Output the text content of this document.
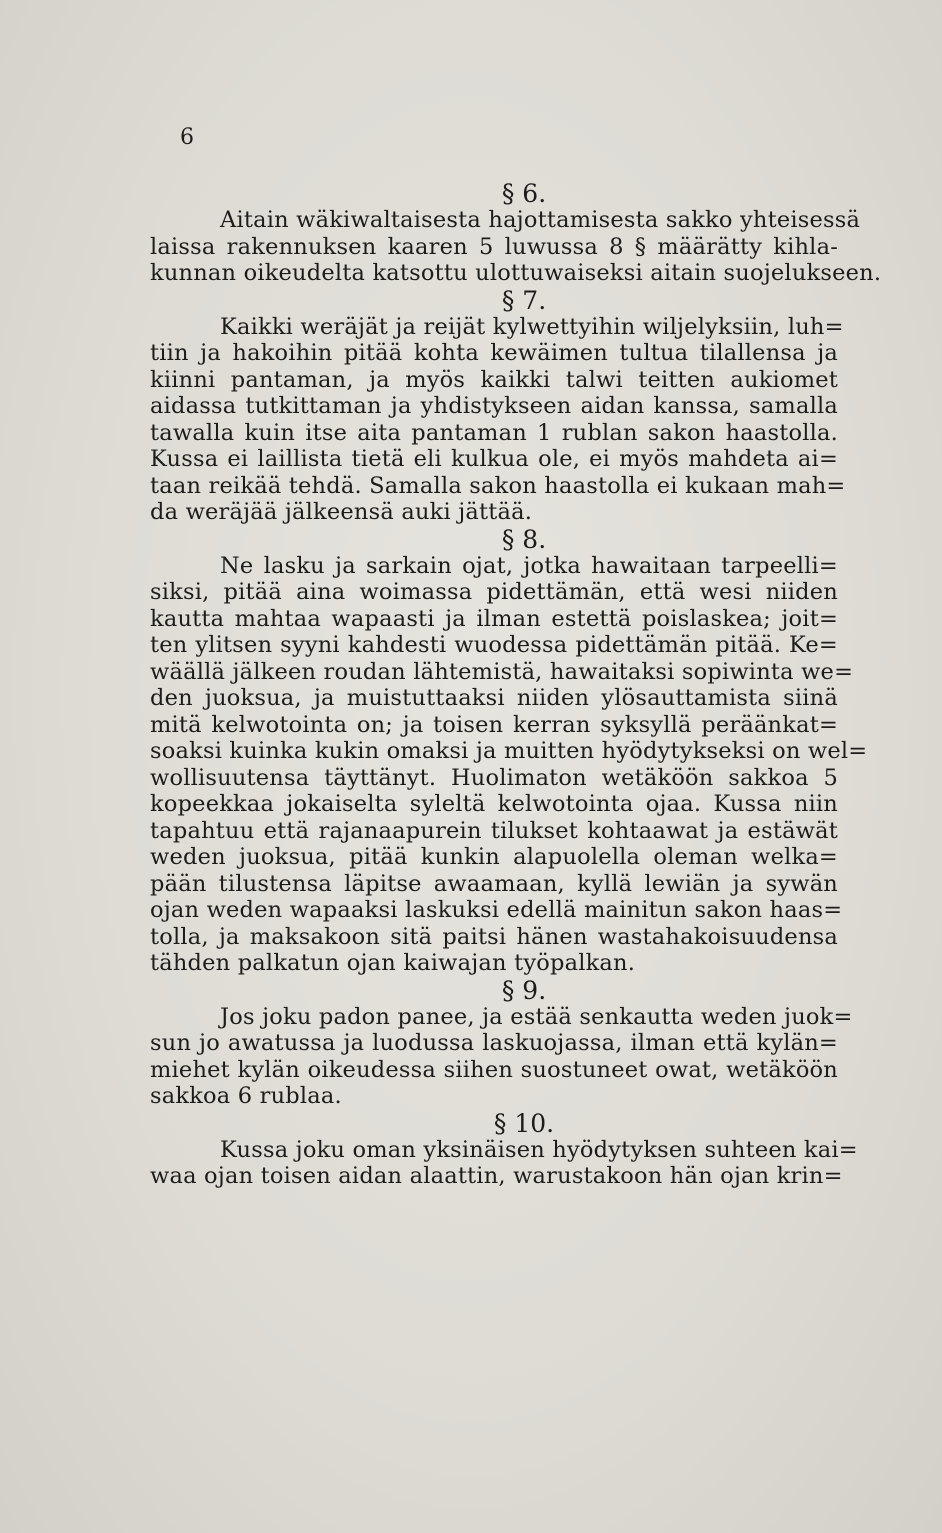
6

§ 6.

Aitain wäkiwaltaisesta hajottamisesta sakko yhteisessä
laissa rakennuksen kaaren 5 luwussa 8 § määrätty kihla-
kunnan oikeudelta katsottu ulottuwaiseksi aitain suojelukseen.

§ 7.

Kaikki weräjät ja reijät kylwettyihin wiljelyksiin, luh=
tiin ja hakoihin pitää kohta kewäimen tultua tilallensa ja
kiinni pantaman, ja myös kaikki talwi teitten aukiomet
aidassa tutkittaman ja yhdistykseen aidan kanssa, samalla
tawalla kuin itse aita pantaman 1 rublan sakon haastolla.
Kussa ei laillista tietä eli kulkua ole, ei myös mahdeta ai=
taan reikää tehdä. Samalla sakon haastolla ei kukaan mah=
da weräjää jälkeensä auki jättää.

§ 8.

Ne lasku ja sarkain ojat, jotka hawaitaan tarpeelli=
siksi, pitää aina woimassa pidettämän, että wesi niiden
kautta mahtaa wapaasti ja ilman estettä poislaskea; joit=
ten ylitsen syyni kahdesti wuodessa pidettämän pitää. Ke=
wäällä jälkeen roudan lähtemistä, hawaitaksi sopiwinta we=
den juoksua, ja muistuttaaksi niiden ylösauttamista siinä
mitä kelwotointa on; ja toisen kerran syksyllä peräänkat=
soaksi kuinka kukin omaksi ja muitten hyödytykseksi on wel=
wollisuutensa täyttänyt. Huolimaton wetäköön sakkoa 5
kopeekkaa jokaiselta syleltä kelwotointa ojaa. Kussa niin
tapahtuu että rajanaapurein tilukset kohtaawat ja estäwät
weden juoksua, pitää kunkin alapuolella oleman welka=
pään tilustensa läpitse awaamaan, kyllä lewiän ja sywän
ojan weden wapaaksi laskuksi edellä mainitun sakon haas=
tolla, ja maksakoon sitä paitsi hänen wastahakoisuudensa
tähden palkatun ojan kaiwajan työpalkan.

§ 9.

Jos joku padon panee, ja estää senkautta weden juok=
sun jo awatussa ja luodussa laskuojassa, ilman että kylän=
miehet kylän oikeudessa siihen suostuneet owat, wetäköön
sakkoa 6 rublaa.

§ 10.

Kussa joku oman yksinäisen hyödytyksen suhteen kai=
waa ojan toisen aidan alaattin, warustakoon hän ojan krin=
